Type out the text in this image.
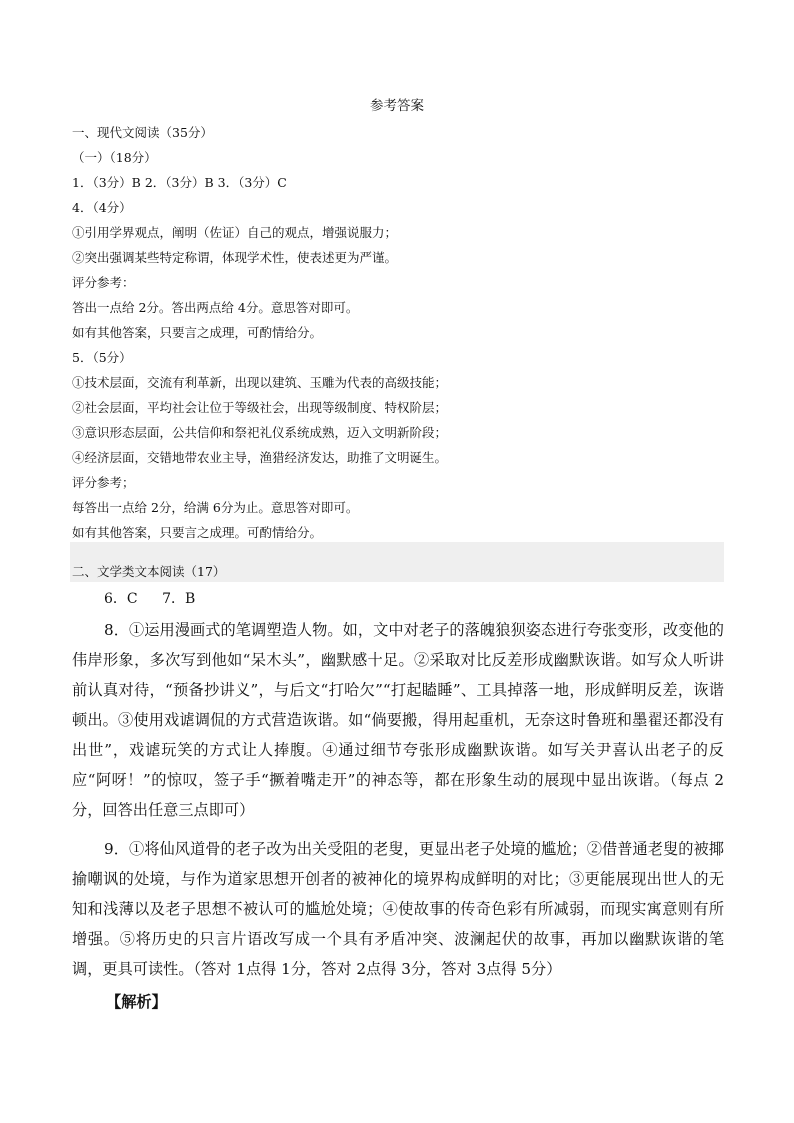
参考答案
一、现代文阅读（35分）
（一）（18分）
1．（3分）B 2．（3分）B 3．（3分）C
4．（4分）
①引用学界观点，阐明（佐证）自己的观点，增强说服力；
②突出强调某些特定称谓，体现学术性，使表述更为严谨。
评分参考：
答出一点给 2分。答出两点给 4分。意思答对即可。
如有其他答案，只要言之成理，可酌情给分。
5．（5分）
①技术层面，交流有利革新，出现以建筑、玉雕为代表的高级技能；
②社会层面，平均社会让位于等级社会，出现等级制度、特权阶层；
③意识形态层面，公共信仰和祭祀礼仪系统成熟，迈入文明新阶段；
④经济层面，交错地带农业主导，渔猎经济发达，助推了文明诞生。
评分参考；
每答出一点给 2分，给满 6分为止。意思答对即可。
如有其他答案，只要言之成理。可酌情给分。
二、文学类文本阅读（17）
6．C 7．B

8．①运用漫画式的笔调塑造人物。如，文中对老子的落魄狼狈姿态进行夸张变形，改变他的伟岸形象，多次写到他如“呆木头”，幽默感十足。②采取对比反差形成幽默诙谐。如写众人听讲前认真对待，“预备抄讲义”，与后文“打哈欠”“打起瞌睡”、工具掉落一地，形成鲜明反差，诙谐顿出。③使用戏谑调侃的方式营造诙谐。如“倘要搬，得用起重机，无奈这时鲁班和墨翟还都没有出世”，戏谑玩笑的方式让人捧腹。④通过细节夸张形成幽默诙谐。如写关尹喜认出老子的反应“阿呀！”的惊叹，签子手“撅着嘴走开”的神态等，都在形象生动的展现中显出诙谐。（每点 2分，回答出任意三点即可）

9．①将仙风道骨的老子改为出关受阻的老叟，更显出老子处境的尴尬；②借普通老叟的被揶揄嘲讽的处境，与作为道家思想开创者的被神化的境界构成鲜明的对比；③更能展现出世人的无知和浅薄以及老子思想不被认可的尴尬处境；④使故事的传奇色彩有所减弱，而现实寓意则有所增强。⑤将历史的只言片语改写成一个具有矛盾冲突、波澜起伏的故事，再加以幽默诙谐的笔调，更具可读性。（答对 1点得 1分，答对 2点得 3分，答对 3点得 5分）

【解析】
